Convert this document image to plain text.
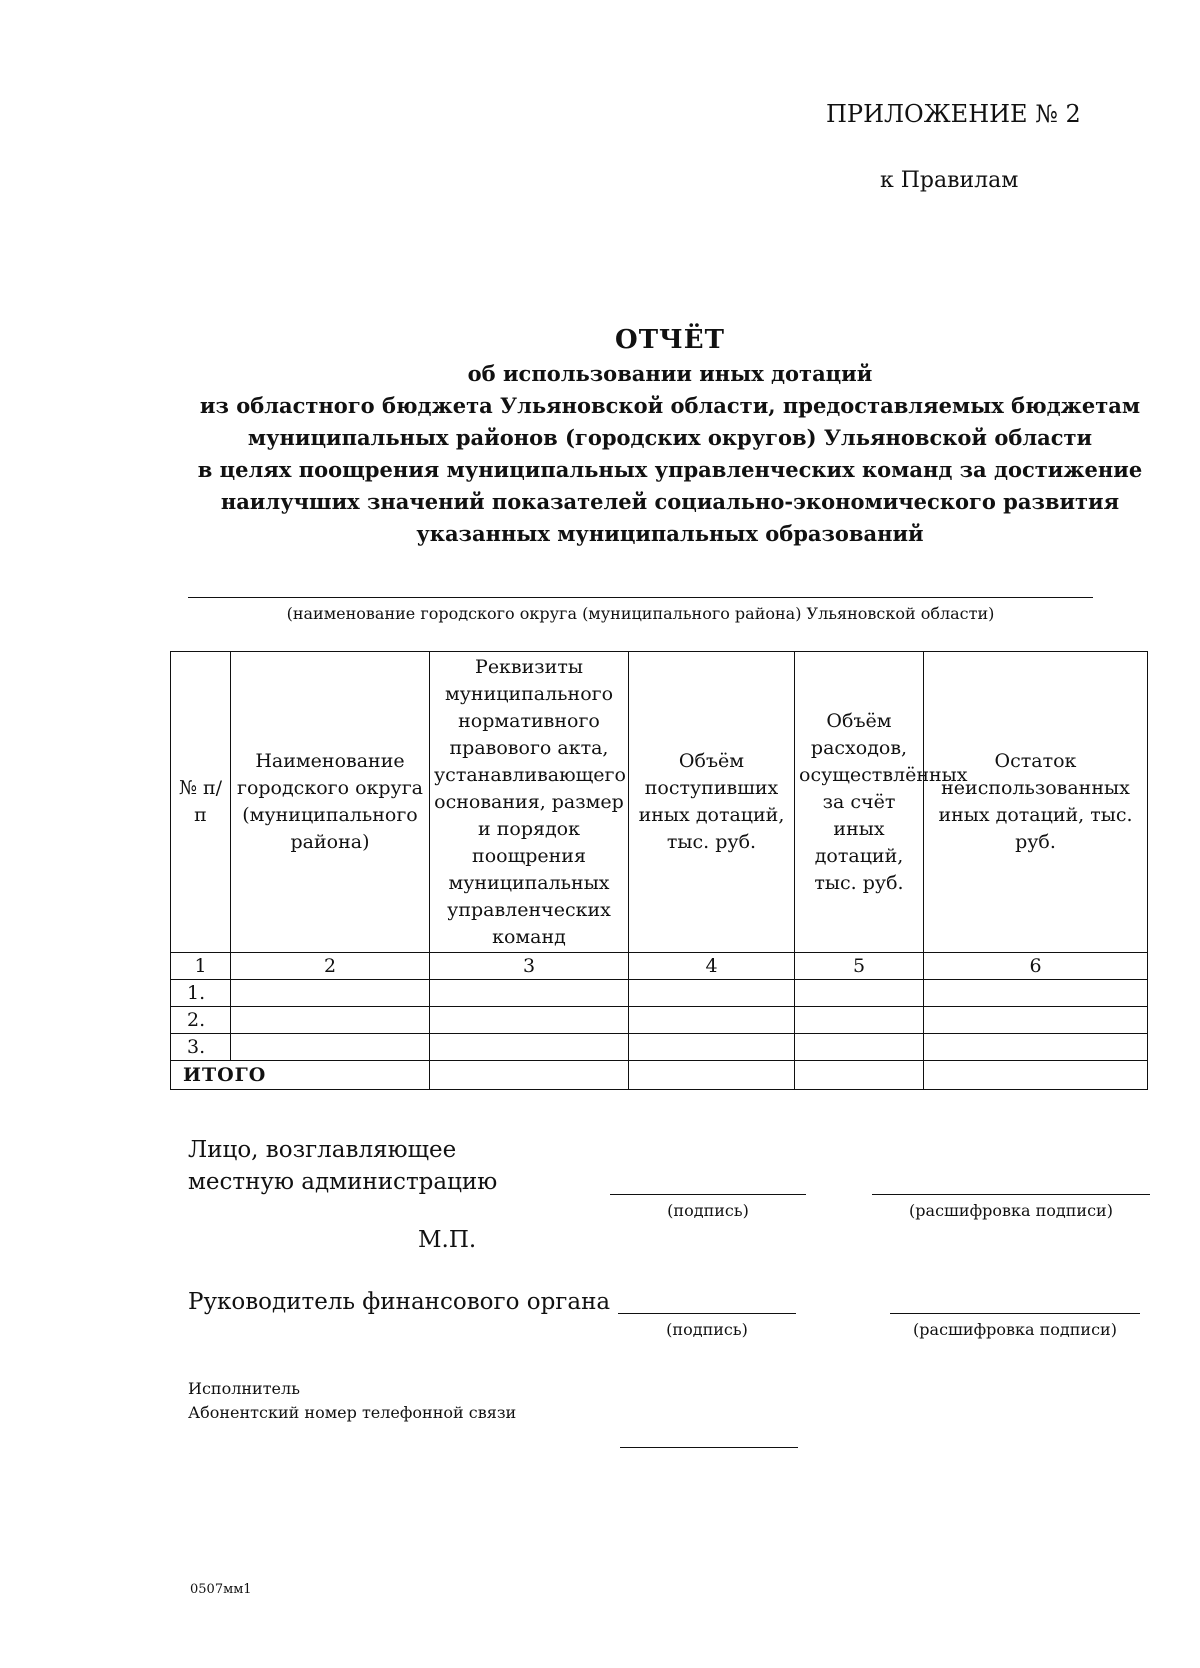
ПРИЛОЖЕНИЕ № 2
к Правилам
ОТЧЁТ
об использовании иных дотаций
из областного бюджета Ульяновской области, предоставляемых бюджетам
муниципальных районов (городских округов) Ульяновской области
в целях поощрения муниципальных управленческих команд за достижение
наилучших значений показателей социально-экономического развития
указанных муниципальных образований
(наименование городского округа (муниципального района) Ульяновской области)
№ п/п	Наименование городского округа (муниципального района)	Реквизиты муниципального нормативного правового акта, устанавливающего основания, размер и порядок поощрения муниципальных управленческих команд	Объём поступивших иных дотаций, тыс. руб.	Объём расходов, осуществлённых за счёт иных дотаций, тыс. руб.	Остаток неиспользованных иных дотаций, тыс. руб.
1	2	3	4	5	6
1.					
2.					
3.					
ИТОГО					
Лицо, возглавляющее
местную администрацию
(подпись)	(расшифровка подписи)
М.П.
Руководитель финансового органа
(подпись)	(расшифровка подписи)
Исполнитель
Абонентский номер телефонной связи
0507мм1
